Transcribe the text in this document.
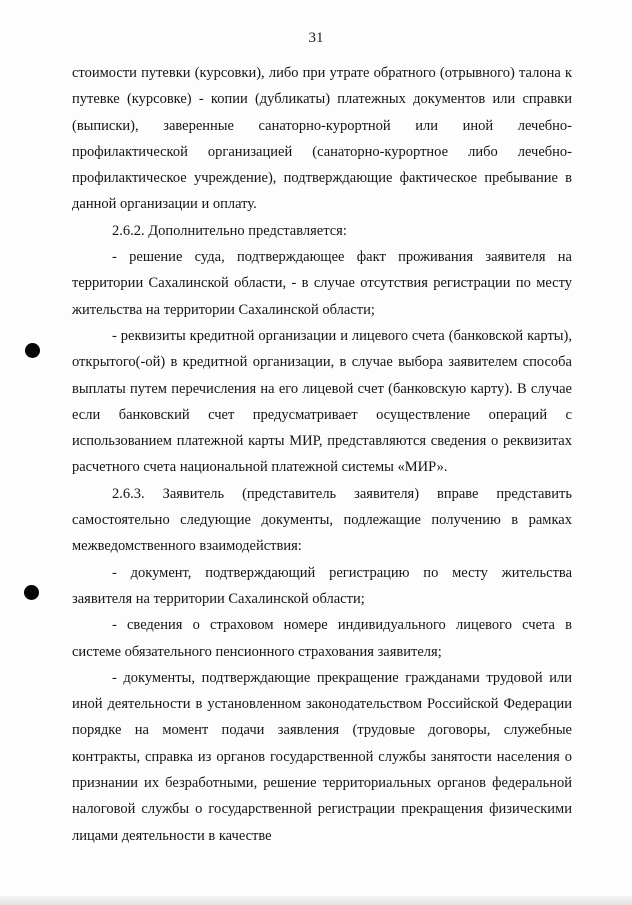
31

стоимости путевки (курсовки), либо при утрате обратного (отрывного) талона к путевке (курсовке) - копии (дубликаты) платежных документов или справки (выписки), заверенные санаторно-курортной или иной лечебно-профилактической организацией (санаторно-курортное либо лечебно-профилактическое учреждение), подтверждающие фактическое пребывание в данной организации и оплату.

2.6.2. Дополнительно представляется:

- решение суда, подтверждающее факт проживания заявителя на территории Сахалинской области, - в случае отсутствия регистрации по месту жительства на территории Сахалинской области;

- реквизиты кредитной организации и лицевого счета (банковской карты), открытого(-ой) в кредитной организации, в случае выбора заявителем способа выплаты путем перечисления на его лицевой счет (банковскую карту). В случае если банковский счет предусматривает осуществление операций с использованием платежной карты МИР, представляются сведения о реквизитах расчетного счета национальной платежной системы «МИР».

2.6.3. Заявитель (представитель заявителя) вправе представить самостоятельно следующие документы, подлежащие получению в рамках межведомственного взаимодействия:

- документ, подтверждающий регистрацию по месту жительства заявителя на территории Сахалинской области;

- сведения о страховом номере индивидуального лицевого счета в системе обязательного пенсионного страхования заявителя;

- документы, подтверждающие прекращение гражданами трудовой или иной деятельности в установленном законодательством Российской Федерации порядке на момент подачи заявления (трудовые договоры, служебные контракты, справка из органов государственной службы занятости населения о признании их безработными, решение территориальных органов федеральной налоговой службы о государственной регистрации прекращения физическими лицами деятельности в качестве
